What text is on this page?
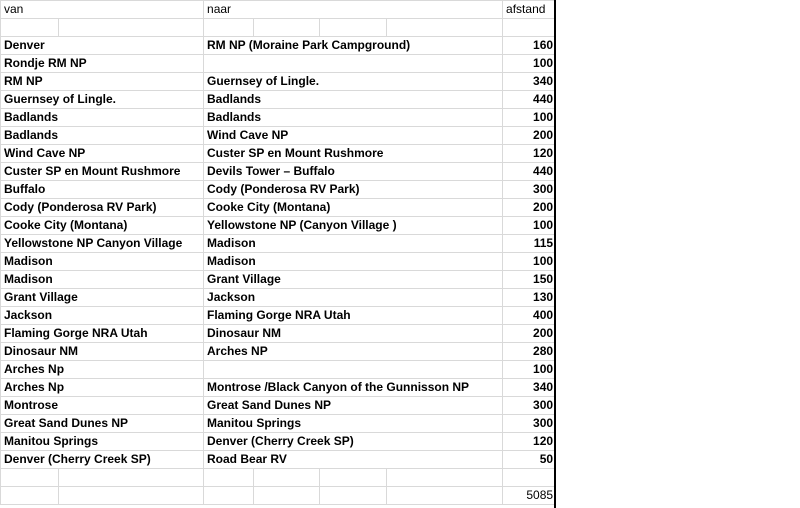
van		naar				afstand

Denver		RM NP (Moraine Park Campground)				160
Rondje RM NP						100
RM NP		Guernsey of Lingle.				340
Guernsey of Lingle.		Badlands				440
Badlands		Badlands				100
Badlands		Wind Cave NP				200
Wind Cave NP		Custer SP en Mount Rushmore				120
Custer SP en Mount Rushmore		Devils Tower – Buffalo				440
Buffalo		Cody (Ponderosa RV Park)				300
Cody (Ponderosa RV Park)		Cooke City (Montana)				200
Cooke City (Montana)		Yellowstone NP (Canyon Village )				100
Yellowstone NP Canyon Village		Madison				115
Madison		Madison				100
Madison		Grant Village				150
Grant Village		Jackson				130
Jackson		Flaming Gorge NRA Utah				400
Flaming Gorge NRA Utah		Dinosaur NM				200
Dinosaur NM		Arches NP				280
Arches Np						100
Arches Np		Montrose /Black Canyon of the Gunnisson NP				340
Montrose		Great Sand Dunes NP				300
Great Sand Dunes NP		Manitou Springs				300
Manitou Springs		Denver (Cherry Creek SP)				120
Denver (Cherry Creek SP)		Road Bear RV				50

						5085
